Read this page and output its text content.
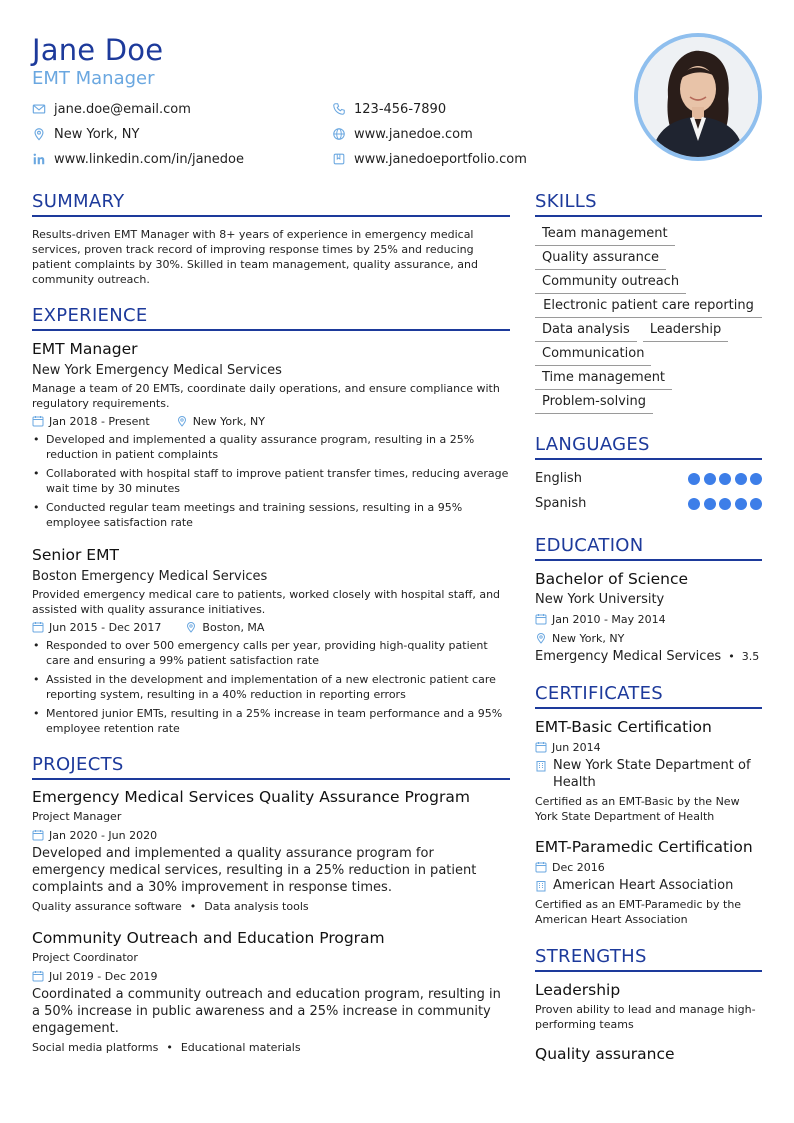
Jane Doe
EMT Manager
jane.doe@email.com	123-456-7890
New York, NY	www.janedoe.com
www.linkedin.com/in/janedoe	www.janedoeportfolio.com
SUMMARY
Results-driven EMT Manager with 8+ years of experience in emergency medical services, proven track record of improving response times by 25% and reducing patient complaints by 30%. Skilled in team management, quality assurance, and community outreach.
EXPERIENCE
EMT Manager
New York Emergency Medical Services
Manage a team of 20 EMTs, coordinate daily operations, and ensure compliance with regulatory requirements.
Jan 2018 - Present	New York, NY
• Developed and implemented a quality assurance program, resulting in a 25% reduction in patient complaints
• Collaborated with hospital staff to improve patient transfer times, reducing average wait time by 30 minutes
• Conducted regular team meetings and training sessions, resulting in a 95% employee satisfaction rate
Senior EMT
Boston Emergency Medical Services
Provided emergency medical care to patients, worked closely with hospital staff, and assisted with quality assurance initiatives.
Jun 2015 - Dec 2017	Boston, MA
• Responded to over 500 emergency calls per year, providing high-quality patient care and ensuring a 99% patient satisfaction rate
• Assisted in the development and implementation of a new electronic patient care reporting system, resulting in a 40% reduction in reporting errors
• Mentored junior EMTs, resulting in a 25% increase in team performance and a 95% employee retention rate
PROJECTS
Emergency Medical Services Quality Assurance Program
Project Manager
Jan 2020 - Jun 2020
Developed and implemented a quality assurance program for emergency medical services, resulting in a 25% reduction in patient complaints and a 30% improvement in response times.
Quality assurance software • Data analysis tools
Community Outreach and Education Program
Project Coordinator
Jul 2019 - Dec 2019
Coordinated a community outreach and education program, resulting in a 50% increase in public awareness and a 25% increase in community engagement.
Social media platforms • Educational materials
SKILLS
Team management
Quality assurance
Community outreach
Electronic patient care reporting
Data analysis	Leadership
Communication
Time management
Problem-solving
LANGUAGES
English
Spanish
EDUCATION
Bachelor of Science
New York University
Jan 2010 - May 2014
New York, NY
Emergency Medical Services • 3.5
CERTIFICATES
EMT-Basic Certification
Jun 2014
New York State Department of Health
Certified as an EMT-Basic by the New York State Department of Health
EMT-Paramedic Certification
Dec 2016
American Heart Association
Certified as an EMT-Paramedic by the American Heart Association
STRENGTHS
Leadership
Proven ability to lead and manage high-performing teams
Quality assurance
